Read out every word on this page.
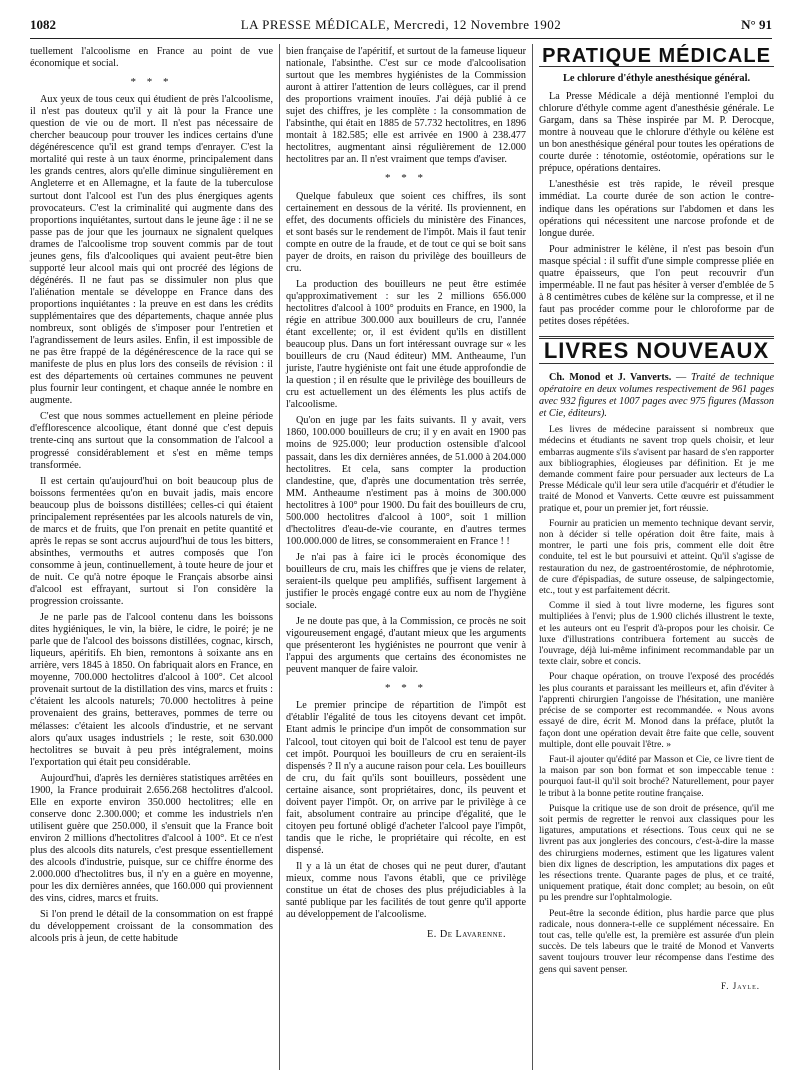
1082	LA PRESSE MÉDICALE, Mercredi, 12 Novembre 1902	N° 91

tuellement l'alcoolisme en France au point de vue économique et social.

* * *

Aux yeux de tous ceux qui étudient de près l'alcoolisme, il n'est pas douteux qu'il y ait là pour la France une question de vie ou de mort. Il n'est pas nécessaire de chercher beaucoup pour trouver les indices certains d'une dégénérescence qu'il est grand temps d'enrayer. C'est la mortalité qui reste à un taux énorme, principalement dans les grands centres, alors qu'elle diminue singulièrement en Angleterre et en Allemagne, et la faute de la tuberculose surtout dont l'alcool est l'un des plus énergiques agents provocateurs. C'est la criminalité qui augmente dans des proportions inquiétantes, surtout dans le jeune âge : il ne se passe pas de jour que les journaux ne signalent quelques drames de l'alcoolisme trop souvent commis par de tout jeunes gens, fils d'alcooliques qui avaient peut-être bien supporté leur alcool mais qui ont procréé des légions de dégénérés. Il ne faut pas se dissimuler non plus que l'aliénation mentale se développe en France dans des proportions inquiétantes : la preuve en est dans les crédits supplémentaires que des départements, chaque année plus nombreux, sont obligés de s'imposer pour l'entretien et l'agrandissement de leurs asiles. Enfin, il est impossible de ne pas être frappé de la dégénérescence de la race qui se manifeste de plus en plus lors des conseils de révision : il est des départements où certaines communes ne peuvent plus fournir leur contingent, et chaque année le nombre en augmente.

C'est que nous sommes actuellement en pleine période d'efflorescence alcoolique, étant donné que c'est depuis trente-cinq ans surtout que la consommation de l'alcool a progressé considérablement et s'est en même temps transformée.

Il est certain qu'aujourd'hui on boit beaucoup plus de boissons fermentées qu'on en buvait jadis, mais encore beaucoup plus de boissons distillées; celles-ci qui étaient principalement représentées par les alcools naturels de vin, de marcs et de fruits, que l'on prenait en petite quantité et après le repas se sont accrus aujourd'hui de tous les bitters, absinthes, vermouths et autres composés que l'on consomme à jeun, continuellement, à toute heure de jour et de nuit. Ce qu'à notre époque le Français absorbe ainsi d'alcool est effrayant, surtout si l'on considère la progression croissante.

Je ne parle pas de l'alcool contenu dans les boissons dites hygiéniques, le vin, la bière, le cidre, le poiré; je ne parle que de l'alcool des boissons distillées, cognac, kirsch, liqueurs, apéritifs. Eh bien, remontons à soixante ans en arrière, vers 1845 à 1850. On fabriquait alors en France, en moyenne, 700.000 hectolitres d'alcool à 100°. Cet alcool provenait surtout de la distillation des vins, marcs et fruits : c'étaient les alcools naturels; 70.000 hectolitres à peine provenaient des grains, betteraves, pommes de terre ou mélasses: c'étaient les alcools d'industrie, et ne servant alors qu'aux usages industriels ; le reste, soit 630.000 hectolitres se buvait à peu près intégralement, moins l'exportation qui était peu considérable.

Aujourd'hui, d'après les dernières statistiques arrêtées en 1900, la France produirait 2.656.268 hectolitres d'alcool. Elle en exporte environ 350.000 hectolitres; elle en conserve donc 2.300.000; et comme les industriels n'en utilisent guère que 250.000, il s'ensuit que la France boit environ 2 millions d'hectolitres d'alcool à 100°. Et ce n'est plus des alcools dits naturels, c'est presque essentiellement des alcools d'industrie, puisque, sur ce chiffre énorme des 2.000.000 d'hectolitres bus, il n'y en a guère en moyenne, pour les dix dernières années, que 160.000 qui proviennent des vins, cidres, marcs et fruits.

Si l'on prend le détail de la consommation on est frappé du développement croissant de la consommation des alcools pris à jeun, de cette habitude

bien française de l'apéritif, et surtout de la fameuse liqueur nationale, l'absinthe. C'est sur ce mode d'alcoolisation surtout que les membres hygiénistes de la Commission auront à attirer l'attention de leurs collègues, car il prend des proportions vraiment inouïes. J'ai déjà publié à ce sujet des chiffres, je les complète : la consommation de l'absinthe, qui était en 1885 de 57.732 hectolitres, en 1896 montait à 182.585; elle est arrivée en 1900 à 238.477 hectolitres, augmentant ainsi régulièrement de 12.000 hectolitres par an. Il n'est vraiment que temps d'aviser.

* * *

Quelque fabuleux que soient ces chiffres, ils sont certainement en dessous de la vérité. Ils proviennent, en effet, des documents officiels du ministère des Finances, et sont basés sur le rendement de l'impôt. Mais il faut tenir compte en outre de la fraude, et de tout ce qui se boit sans payer de droits, en raison du privilège des bouilleurs de cru.

La production des bouilleurs ne peut être estimée qu'approximativement : sur les 2 millions 656.000 hectolitres d'alcool à 100° produits en France, en 1900, la régie en attribue 300.000 aux bouilleurs de cru, l'année étant excellente; or, il est évident qu'ils en distillent beaucoup plus. Dans un fort intéressant ouvrage sur « les bouilleurs de cru (Naud éditeur) MM. Antheaume, l'un juriste, l'autre hygiéniste ont fait une étude approfondie de la question ; il en résulte que le privilège des bouilleurs de cru est actuellement un des éléments les plus actifs de l'alcoolisme.

Qu'on en juge par les faits suivants. Il y avait, vers 1860, 100.000 bouilleurs de cru; il y en avait en 1900 pas moins de 925.000; leur production ostensible d'alcool passait, dans les dix dernières années, de 51.000 à 204.000 hectolitres. Et cela, sans compter la production clandestine, que, d'après une documentation très serrée, MM. Antheaume n'estiment pas à moins de 300.000 hectolitres à 100° pour 1900. Du fait des bouilleurs de cru, 500.000 hectolitres d'alcool à 100°, soit 1 million d'hectolitres d'eau-de-vie courante, en d'autres termes 100.000.000 de litres, se consommeraient en France ! !

Je n'ai pas à faire ici le procès économique des bouilleurs de cru, mais les chiffres que je viens de relater, seraient-ils quelque peu amplifiés, suffisent largement à justifier le procès engagé contre eux au nom de l'hygiène sociale.

Je ne doute pas que, à la Commission, ce procès ne soit vigoureusement engagé, d'autant mieux que les arguments que présenteront les hygiénistes ne pourront que venir à l'appui des arguments que certains des économistes ne peuvent manquer de faire valoir.

* * *

Le premier principe de répartition de l'impôt est d'établir l'égalité de tous les citoyens devant cet impôt. Etant admis le principe d'un impôt de consommation sur l'alcool, tout citoyen qui boit de l'alcool est tenu de payer cet impôt. Pourquoi les bouilleurs de cru en seraient-ils dispensés ? Il n'y a aucune raison pour cela. Les bouilleurs de cru, du fait qu'ils sont bouilleurs, possèdent une certaine aisance, sont propriétaires, donc, ils peuvent et doivent payer l'impôt. Or, on arrive par le privilège à ce fait, absolument contraire au principe d'égalité, que le citoyen peu fortuné obligé d'acheter l'alcool paye l'impôt, tandis que le riche, le propriétaire qui récolte, en est dispensé.

Il y a là un état de choses qui ne peut durer, d'autant mieux, comme nous l'avons établi, que ce privilège constitue un état de choses des plus préjudiciables à la santé publique par les facilités de tout genre qu'il apporte au développement de l'alcoolisme.

E. De Lavarenne.
PRATIQUE MÉDICALE
Le chlorure d'éthyle anesthésique général.

La Presse Médicale a déjà mentionné l'emploi du chlorure d'éthyle comme agent d'anesthésie générale. Le Gargam, dans sa Thèse inspirée par M. P. Derocque, montre à nouveau que le chlorure d'éthyle ou kélène est un bon anesthésique général pour toutes les opérations de courte durée : ténotomie, ostéotomie, opérations sur le prépuce, opérations dentaires.

L'anesthésie est très rapide, le réveil presque immédiat. La courte durée de son action le contre-indique dans les opérations sur l'abdomen et dans les opérations qui nécessitent une narcose profonde et de longue durée.

Pour administrer le kélène, il n'est pas besoin d'un masque spécial : il suffit d'une simple compresse pliée en quatre épaisseurs, que l'on peut recouvrir d'un imperméable. Il ne faut pas hésiter à verser d'emblée de 5 à 8 centimètres cubes de kélène sur la compresse, et il ne faut pas procéder comme pour le chloroforme par de petites doses répétées.

LIVRES NOUVEAUX

Ch. Monod et J. Vanverts. — Traité de technique opératoire en deux volumes respectivement de 961 pages avec 932 figures et 1007 pages avec 975 figures (Masson et Cie, éditeurs).

Les livres de médecine paraissent si nombreux que médecins et étudiants ne savent trop quels choisir, et leur embarras augmente s'ils s'avisent par hasard de s'en rapporter aux bibliographies, élogieuses par définition. Et je me demande comment faire pour persuader aux lecteurs de La Presse Médicale qu'il leur sera utile d'acquérir et d'étudier le traité de Monod et Vanverts. Cette œuvre est puissamment pratique et, pour un premier jet, fort réussie.

Fournir au praticien un memento technique devant servir, non à décider si telle opération doit être faite, mais à montrer, le parti une fois pris, comment elle doit être conduite, tel est le but poursuivi et atteint. Qu'il s'agisse de restauration du nez, de gastroentérostomie, de néphrotomie, de cure d'épispadias, de suture osseuse, de salpingectomie, etc., tout y est parfaitement décrit.

Comme il sied à tout livre moderne, les figures sont multipliées à l'envi; plus de 1.900 clichés illustrent le texte, et les auteurs ont eu l'esprit d'à-propos pour les choisir. Ce luxe d'illustrations contribuera fortement au succès de l'ouvrage, déjà lui-même infiniment recommandable par un texte clair, sobre et concis.

Pour chaque opération, on trouve l'exposé des procédés les plus courants et paraissant les meilleurs et, afin d'éviter à l'apprenti chirurgien l'angoisse de l'hésitation, une manière précise de se comporter est recommandée. « Nous avons essayé de dire, écrit M. Monod dans la préface, plutôt la façon dont une opération devait être faite que celle, souvent multiple, dont elle pouvait l'être. »

Faut-il ajouter qu'édité par Masson et Cie, ce livre tient de la maison par son bon format et son impeccable tenue : pourquoi faut-il qu'il soit broché? Naturellement, pour payer le tribut à la bonne petite routine française.

Puisque la critique use de son droit de présence, qu'il me soit permis de regretter le renvoi aux classiques pour les ligatures, amputations et résections. Tous ceux qui ne se livrent pas aux jongleries des concours, c'est-à-dire la masse des chirurgiens modernes, estiment que les ligatures valent bien dix lignes de description, les amputations dix pages et les résections trente. Quarante pages de plus, et ce traité, uniquement pratique, était donc complet; au besoin, on eût pu les prendre sur l'ophtalmologie.

Peut-être la seconde édition, plus hardie parce que plus radicale, nous donnera-t-elle ce supplément nécessaire. En tout cas, telle qu'elle est, la première est assurée d'un plein succès. De tels labeurs que le traité de Monod et Vanverts savent toujours trouver leur récompense dans l'estime des gens qui savent penser.

F. Jayle.
